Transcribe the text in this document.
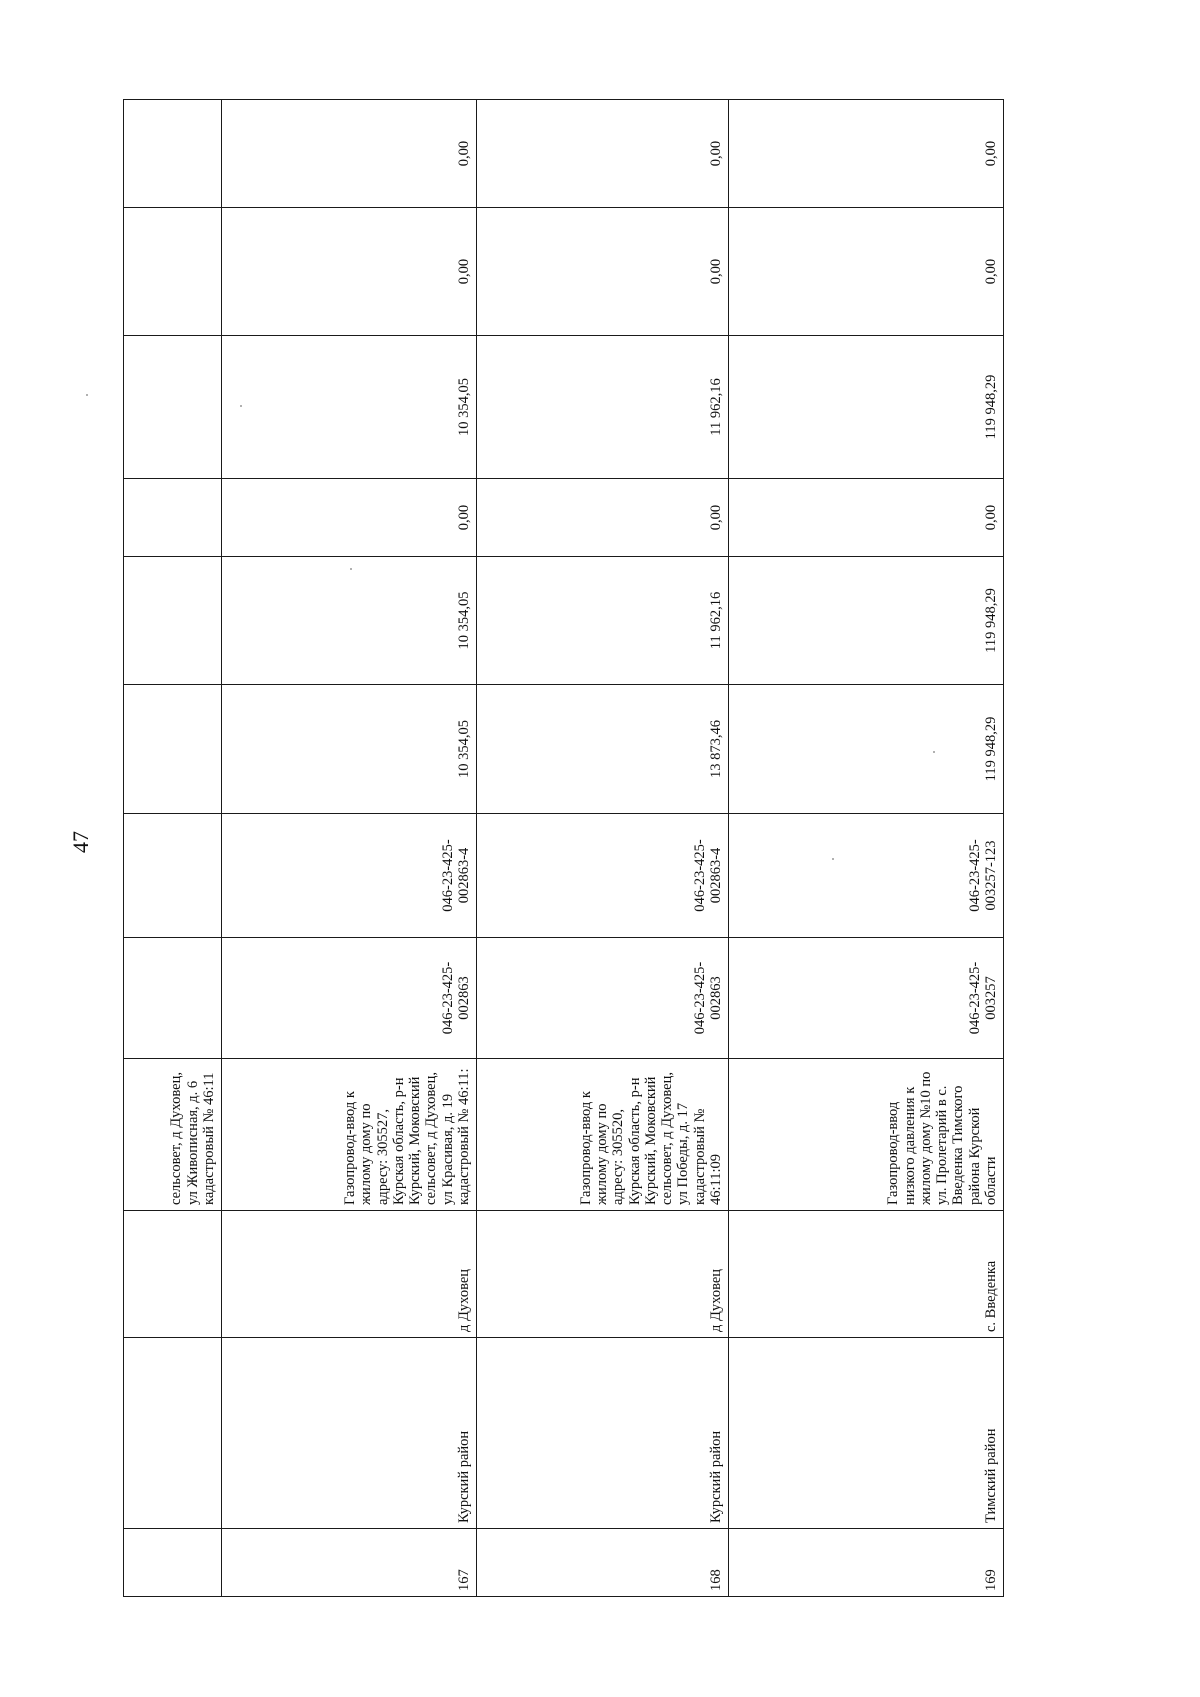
47
			сельсовет, д Духовец, ул Живописная, д. 6 кадастровый № 46:11								
167	Курский район	д Духовец	Газопровод-ввод к жилому дому по адресу: 305527, Курская область, р-н Курский, Моковский сельсовет, д Духовец, ул Красивая, д. 19 кадастровый № 46:11:	046-23-425-002863	046-23-425-002863-4	10 354,05	10 354,05	0,00	10 354,05	0,00	0,00
168	Курский район	д Духовец	Газопровод-ввод к жилому дому по адресу: 305520, Курская область, р-н Курский, Моковский сельсовет, д Духовец, ул Победы, д. 17 кадастровый № 46:11:09	046-23-425-002863	046-23-425-002863-4	13 873,46	11 962,16	0,00	11 962,16	0,00	0,00
169	Тимский район	с. Введенка	Газопровод-ввод низкого давления к жилому дому №10 по ул. Пролетарий в с. Введенка Тимского района Курской области	046-23-425-003257	046-23-425-003257-123	119 948,29	119 948,29	0,00	119 948,29	0,00	0,00
